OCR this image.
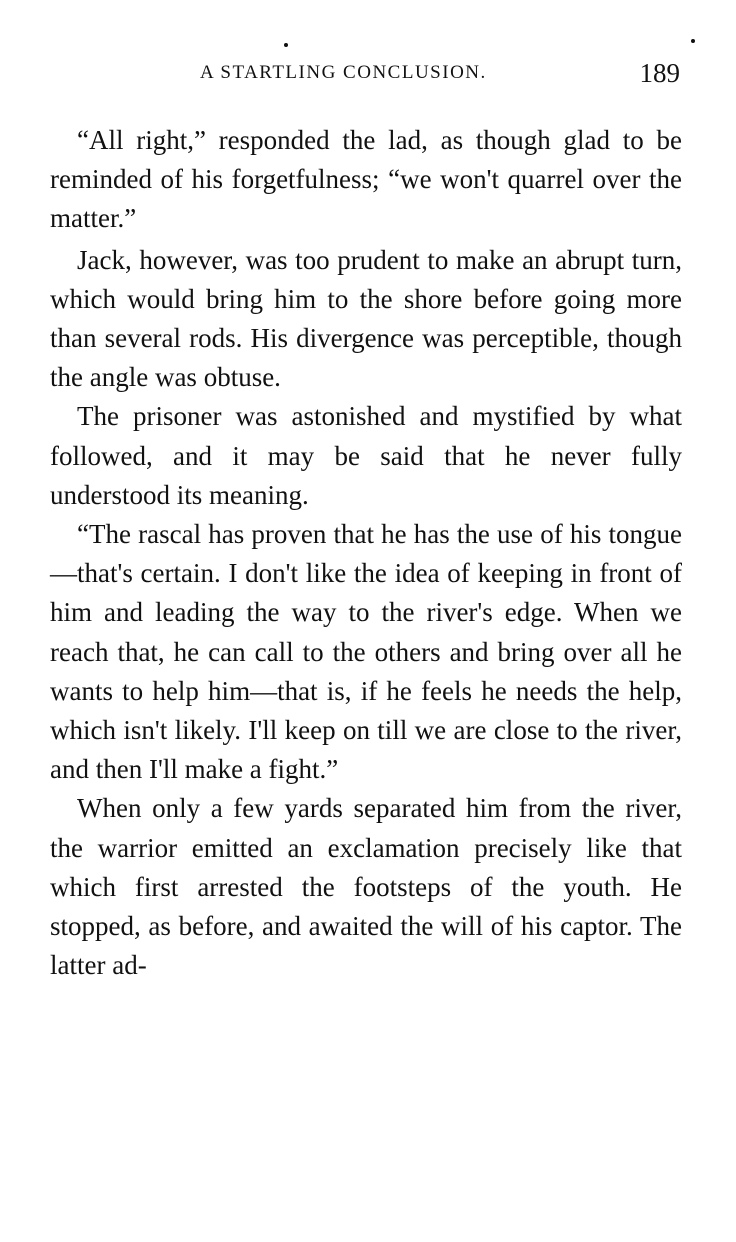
A STARTLING CONCLUSION.	189

“All right,” responded the lad, as though glad to be reminded of his forgetfulness; “we won't quarrel over the matter.”

Jack, however, was too prudent to make an abrupt turn, which would bring him to the shore before going more than several rods. His divergence was perceptible, though the angle was obtuse.

The prisoner was astonished and mystified by what followed, and it may be said that he never fully understood its meaning.

“The rascal has proven that he has the use of his tongue—that's certain. I don't like the idea of keeping in front of him and leading the way to the river's edge. When we reach that, he can call to the others and bring over all he wants to help him—that is, if he feels he needs the help, which isn't likely. I'll keep on till we are close to the river, and then I'll make a fight.”

When only a few yards separated him from the river, the warrior emitted an exclamation precisely like that which first arrested the footsteps of the youth. He stopped, as before, and awaited the will of his captor. The latter ad-
